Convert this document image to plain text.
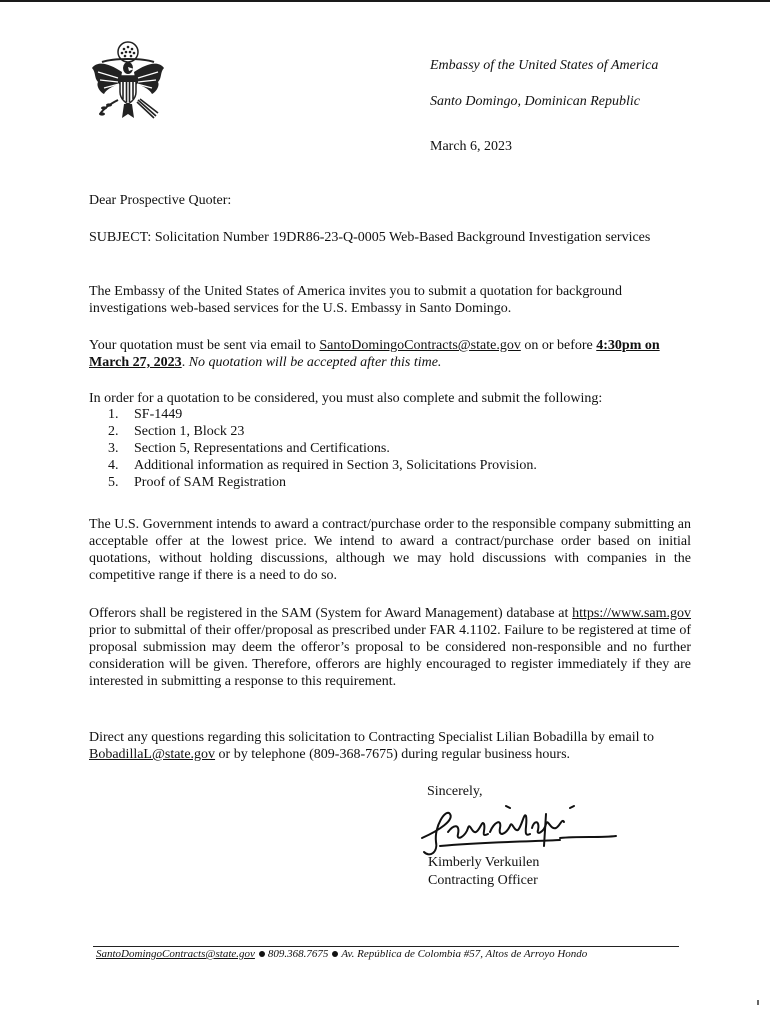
Embassy of the United States of America
Santo Domingo, Dominican Republic
March 6, 2023
Dear Prospective Quoter:
SUBJECT: Solicitation Number 19DR86-23-Q-0005 Web-Based Background Investigation services
The Embassy of the United States of America invites you to submit a quotation for background investigations web-based services for the U.S. Embassy in Santo Domingo.
Your quotation must be sent via email to SantoDomingoContracts@state.gov on or before 4:30pm on March 27, 2023. No quotation will be accepted after this time.
In order for a quotation to be considered, you must also complete and submit the following:
1.	SF-1449
2.	Section 1, Block 23
3.	Section 5, Representations and Certifications.
4.	Additional information as required in Section 3, Solicitations Provision.
5.	Proof of SAM Registration
The U.S. Government intends to award a contract/purchase order to the responsible company submitting an acceptable offer at the lowest price. We intend to award a contract/purchase order based on initial quotations, without holding discussions, although we may hold discussions with companies in the competitive range if there is a need to do so.
Offerors shall be registered in the SAM (System for Award Management) database at https://www.sam.gov prior to submittal of their offer/proposal as prescribed under FAR 4.1102. Failure to be registered at time of proposal submission may deem the offeror’s proposal to be considered non-responsible and no further consideration will be given. Therefore, offerors are highly encouraged to register immediately if they are interested in submitting a response to this requirement.
Direct any questions regarding this solicitation to Contracting Specialist Lilian Bobadilla by email to BobadillaL@state.gov or by telephone (809-368-7675) during regular business hours.
Sincerely,
Kimberly Verkuilen
Contracting Officer
SantoDomingoContracts@state.gov 809.368.7675 Av. República de Colombia #57, Altos de Arroyo Hondo
